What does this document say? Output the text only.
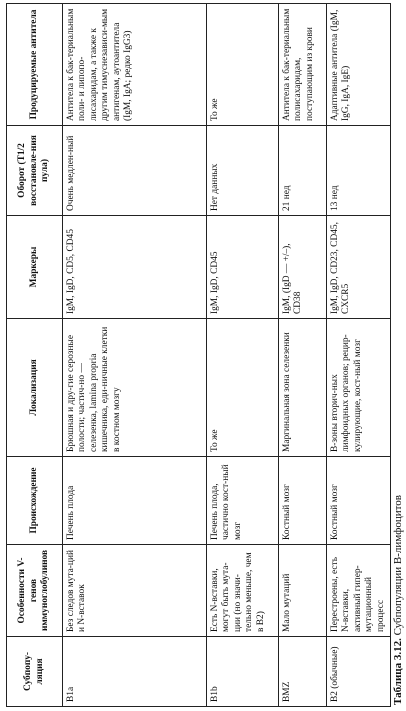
Субпопу-ляция	Особенности V-генов иммуноглобулинов	Происхождение	Локализация	Маркеры	Оборот (T1/2 восстановле-ния пула)	Продуцируемые антитела
B1a	Без следов мута-ций и N-вставок	Печень плода	Брюшная и дру-гие серозные полости; частич-но — селезенка, lamina propria кишечника, еди-ничные клетки в костном мозгу	IgM, IgD, CD5, CD45	Очень медлен-ный	Антитела к бак-териальным поли- и липопо-лисахаридам, а также к другим тимуснезависи-мым антигенам, аутоантитела (IgM, IgA; редко IgG3)
B1b	Есть N-вставки, могут быть мута-ции (но значи-тельно меньше, чем в B2)	Печень плода, частично кост-ный мозг	То же	IgM, IgD, CD45	Нет данных	То же
BMZ	Мало мутаций	Костный мозг	Маргинальная зона селезенки	IgM, (IgD — +/–), CD38	21 нед	Антитела к бак-териальным полисахаридам, поступающим из крови
B2 (обычные)	Перестроены, есть N-вставки, активный гипер-мутационный процесс	Костный мозг	В-зоны вторич-ных лимфоидных органов; рецир-кулирующие, кост-ный мозг	IgM, IgD, CD23, CD45, CXCR5	13 нед	Адаптивные антитела (IgM, IgG, IgA, IgE)
Таблица 3.12. Субпопуляции В-лимфоцитов
